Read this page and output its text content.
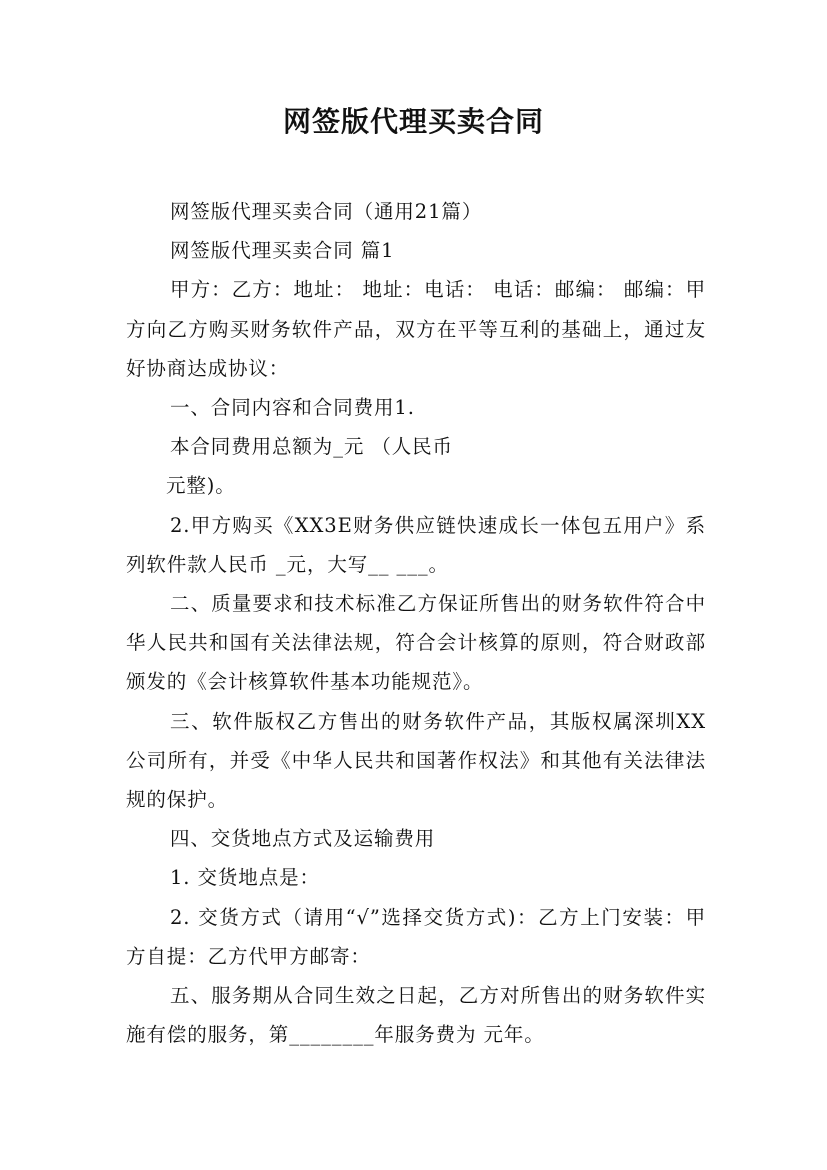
网签版代理买卖合同

网签版代理买卖合同（通用21篇）

网签版代理买卖合同 篇1

甲方：乙方：地址： 地址：电话： 电话：邮编： 邮编：甲方向乙方购买财务软件产品，双方在平等互利的基础上，通过友好协商达成协议：

一、合同内容和合同费用1.

本合同费用总额为_元 （人民币

元整)。

2.甲方购买《XX3E财务供应链快速成长一体包五用户》系列软件款人民币 _元，大写__ ___。

二、质量要求和技术标准乙方保证所售出的财务软件符合中华人民共和国有关法律法规，符合会计核算的原则，符合财政部颁发的《会计核算软件基本功能规范》。

三、软件版权乙方售出的财务软件产品，其版权属深圳XX公司所有，并受《中华人民共和国著作权法》和其他有关法律法规的保护。

四、交货地点方式及运输费用

1. 交货地点是：

2. 交货方式（请用“√”选择交货方式)：乙方上门安装：甲方自提：乙方代甲方邮寄：

五、服务期从合同生效之日起，乙方对所售出的财务软件实施有偿的服务，第________年服务费为 元年。
